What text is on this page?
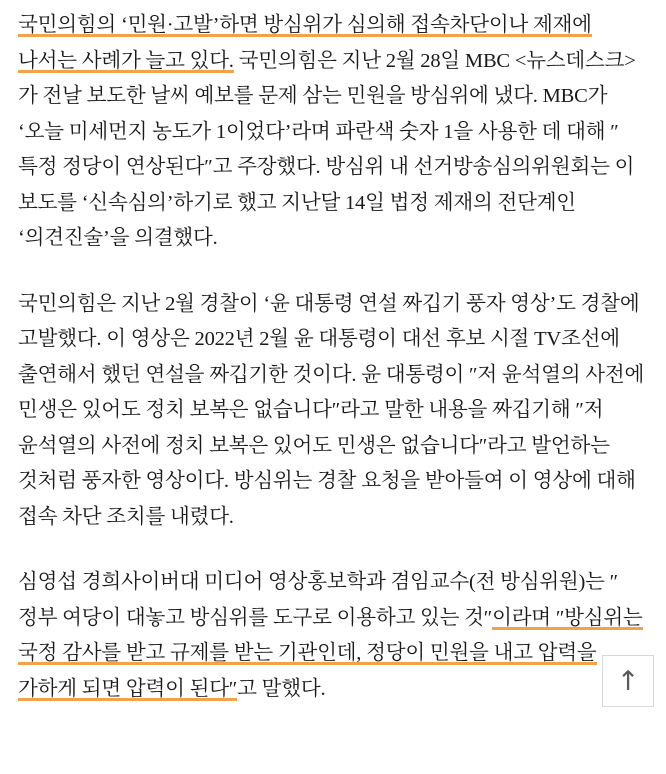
국민의힘의 ‘민원·고발’하면 방심위가 심의해 접속차단이나 제재에 나서는 사례가 늘고 있다. 국민의힘은 지난 2월 28일 MBC <뉴스데스크>가 전날 보도한 날씨 예보를 문제 삼는 민원을 방심위에 냈다. MBC가 ‘오늘 미세먼지 농도가 1이었다’라며 파란색 숫자 1을 사용한 데 대해 ″특정 정당이 연상된다″고 주장했다. 방심위 내 선거방송심의위원회는 이 보도를 ‘신속심의’하기로 했고 지난달 14일 법정 제재의 전단계인 ‘의견진술’을 의결했다.

국민의힘은 지난 2월 경찰이 ‘윤 대통령 연설 짜깁기 풍자 영상’도 경찰에 고발했다. 이 영상은 2022년 2월 윤 대통령이 대선 후보 시절 TV조선에 출연해서 했던 연설을 짜깁기한 것이다. 윤 대통령이 ″저 윤석열의 사전에 민생은 있어도 정치 보복은 없습니다″라고 말한 내용을 짜깁기해 ″저 윤석열의 사전에 정치 보복은 있어도 민생은 없습니다″라고 발언하는 것처럼 풍자한 영상이다. 방심위는 경찰 요청을 받아들여 이 영상에 대해 접속 차단 조치를 내렸다.

심영섭 경희사이버대 미디어 영상홍보학과 겸임교수(전 방심위원)는 ″정부 여당이 대놓고 방심위를 도구로 이용하고 있는 것″이라며 ″방심위는 국정 감사를 받고 규제를 받는 기관인데, 정당이 민원을 내고 압력을 가하게 되면 압력이 된다″고 말했다.	↑
